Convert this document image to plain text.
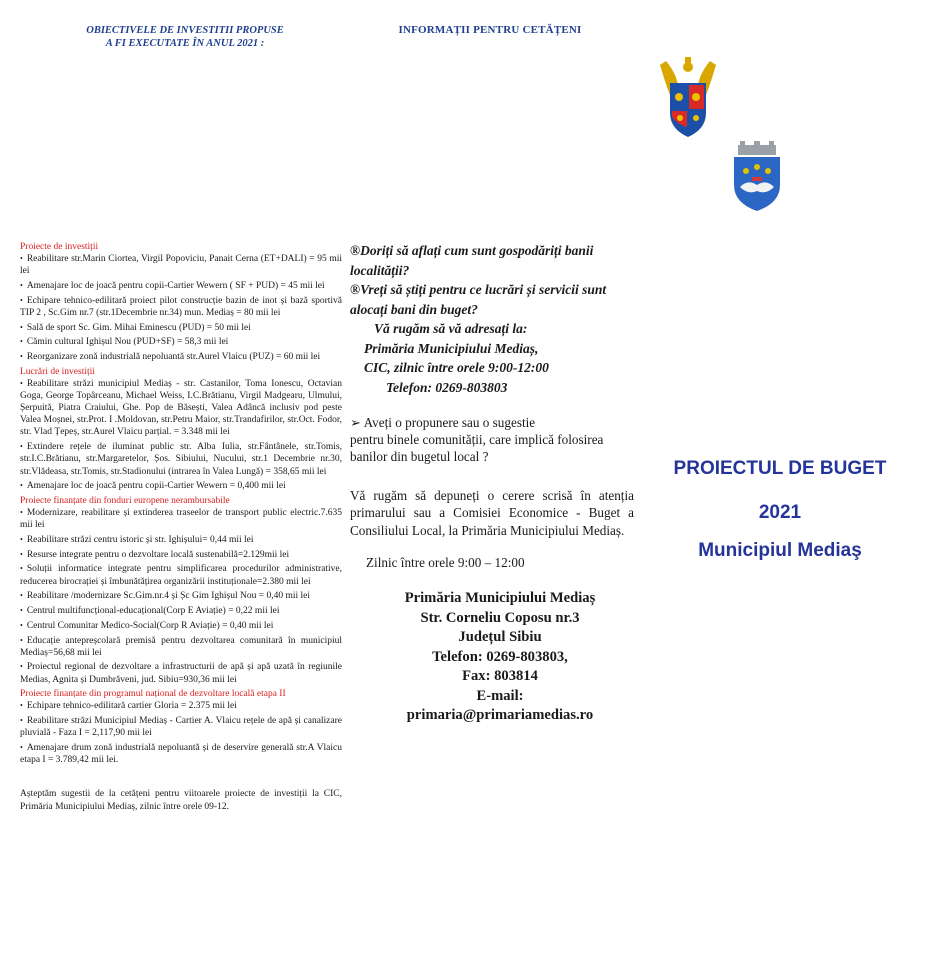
OBIECTIVELE DE INVESTITII PROPUSE
A FI EXECUTATE ÎN ANUL 2021 :
INFORMAȚII PENTRU CETĂȚENI
Proiecte de investiții
• Reabilitare str.Marin Ciortea, Virgil Popoviciu, Panait Cerna (ET+DALI) = 95 mii lei
• Amenajare loc de joacă pentru copii-Cartier Wewern ( SF + PUD) = 45 mii lei
• Echipare tehnico-edilitară proiect pilot construcție bazin de inot și bază sportivă TIP 2 , Sc.Gim nr.7 (str.1Decembrie nr.34) mun. Mediaș = 80 mii lei
• Sală de sport Sc. Gim. Mihai Eminescu (PUD) = 50 mii lei
• Cămin cultural Ighișul Nou (PUD+SF) = 58,3 mii lei
• Reorganizare zonă industrială nepoluantă str.Aurel Vlaicu (PUZ) = 60 mii lei
Lucrări de investiții
• Reabilitare străzi municipiul Mediaș - str. Castanilor, Toma Ionescu, Octavian Goga, George Topârceanu, Michael Weiss, I.C.Brătianu, Virgil Madgearu, Ulmului, Șerpuită, Piatra Craiului, Ghe. Pop de Băsești, Valea Adâncă inclusiv pod peste Valea Moșnei, str.Prot. I .Moldovan, str.Petru Maior, str.Trandafirilor, str.Oct. Fodor, str. Vlad Țepeș, str.Aurel Vlaicu parțial. = 3.348 mii lei
• Extindere rețele de iluminat public str. Alba Iulia, str.Fântânele, str.Tomis, str.I.C.Brătianu, str.Margaretelor, Șos. Sibiului, Nucului, str.1 Decembrie nr.30, str.Vlădeasa, str.Tomis, str.Stadionului (intrarea în Valea Lungă) = 358,65 mii lei
• Amenajare loc de joacă pentru copii-Cartier Wewern = 0,400 mii lei
Proiecte finanțate din fonduri europene nerambursabile
• Modernizare, reabilitare și extinderea traseelor de transport public electric.7.635 mii lei
• Reabilitare străzi centru istoric și str. Ighișului= 0,44 mii lei
• Resurse integrate pentru o dezvoltare locală sustenabilă=2.129mii lei
• Soluții informatice integrate pentru simplificarea procedurilor administrative, reducerea birocrației și îmbunătățirea organizării instituționale=2.380 mii lei
• Reabilitare /modernizare Sc.Gim.nr.4 și Șc Gim Ighișul Nou = 0,40 mii lei
• Centrul multifuncțional-educațional(Corp E Aviație) = 0,22 mii lei
• Centrul Comunitar Medico-Social(Corp R Aviație) = 0,40 mii lei
• Educație antepreșcolară premisă pentru dezvoltarea comunitară în municipiul Mediaș=56,68 mii lei
• Proiectul regional de dezvoltare a infrastructurii de apă și apă uzată în regiunile Medias, Agnita și Dumbrăveni, jud. Sibiu=930,36 mii lei
Proiecte finanțate din programul național de dezvoltare locală etapa II
• Echipare tehnico-edilitară cartier Gloria = 2.375 mii lei
• Reabilitare străzi Municipiul Mediaș - Cartier A. Vlaicu rețele de apă și canalizare pluvială - Faza I = 2,117,90 mii lei
• Amenajare drum zonă industrială nepoluantă și de deservire generală str.A Vlaicu etapa I = 3.789,42 mii lei.
Așteptăm sugestii de la cetățeni pentru viitoarele proiecte de investiții la CIC, Primăria Municipiului Mediaș, zilnic între orele 09-12.
®Doriți să aflați cum sunt gospodăriți banii localității?
®Vreți să știți pentru ce lucrări și servicii sunt alocați bani din buget?
Vă rugăm să vă adresați la:
Primăria Municipiului Mediaș,
CIC, zilnic între orele 9:00-12:00
Telefon: 0269-803803
➢ Aveți o propunere sau o sugestie
pentru binele comunității, care implică folosirea banilor din bugetul local ?
Vă rugăm să depuneți o cerere scrisă în atenția primarului sau a Comisiei Economice - Buget a Consiliului Local, la Primăria Municipiului Mediaș.
Zilnic între orele 9:00 – 12:00
Primăria Municipiului Mediaș
Str. Corneliu Coposu nr.3
Județul Sibiu
Telefon: 0269-803803,
Fax: 803814
E-mail:
primaria@primariamedias.ro
PROIECTUL DE BUGET
2021
Municipiul Mediaş
